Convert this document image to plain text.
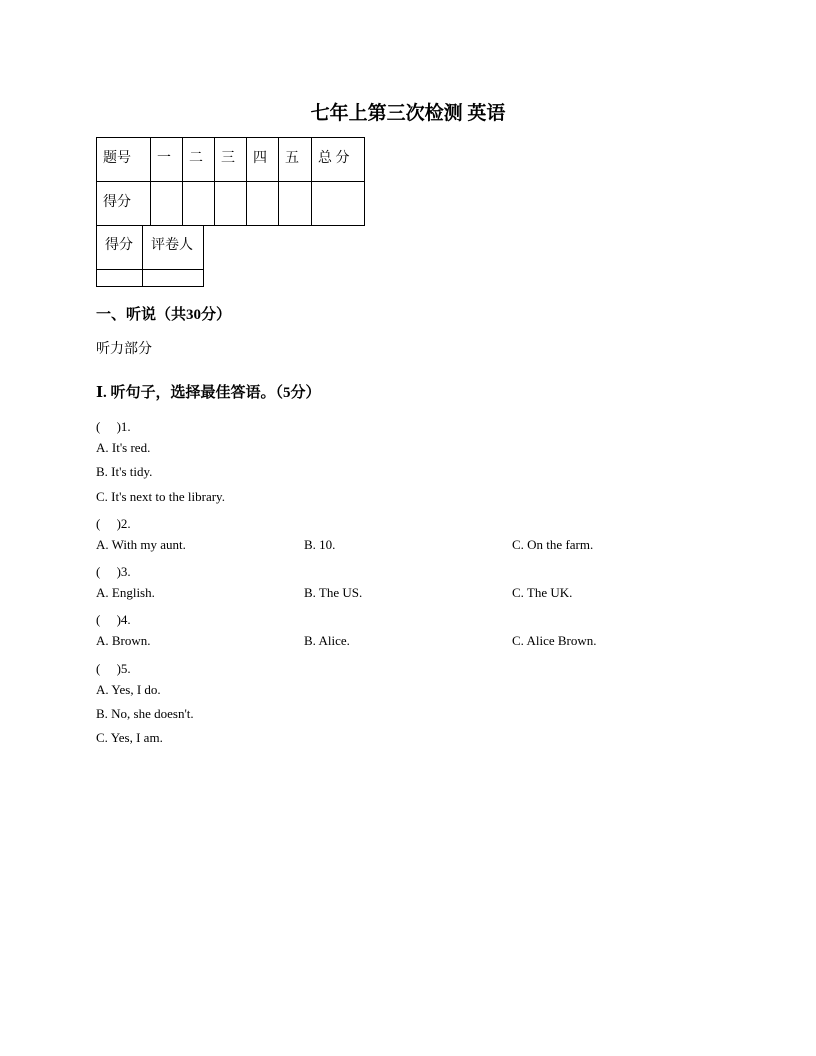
七年上第三次检测 英语
题号	一	二	三	四	五	总 分
得分						
得分	评卷人

一、听说（共30分）
听力部分
Ⅰ. 听句子，选择最佳答语。（5分）
(　 )1.
A. It's red.
B. It's tidy.
C. It's next to the library.
(　 )2.
A. With my aunt.	B. 10.	C. On the farm.
(　 )3.
A. English.	B. The US.	C. The UK.
(　 )4.
A. Brown.	B. Alice.	C. Alice Brown.
(　 )5.
A. Yes, I do.
B. No, she doesn't.
C. Yes, I am.
